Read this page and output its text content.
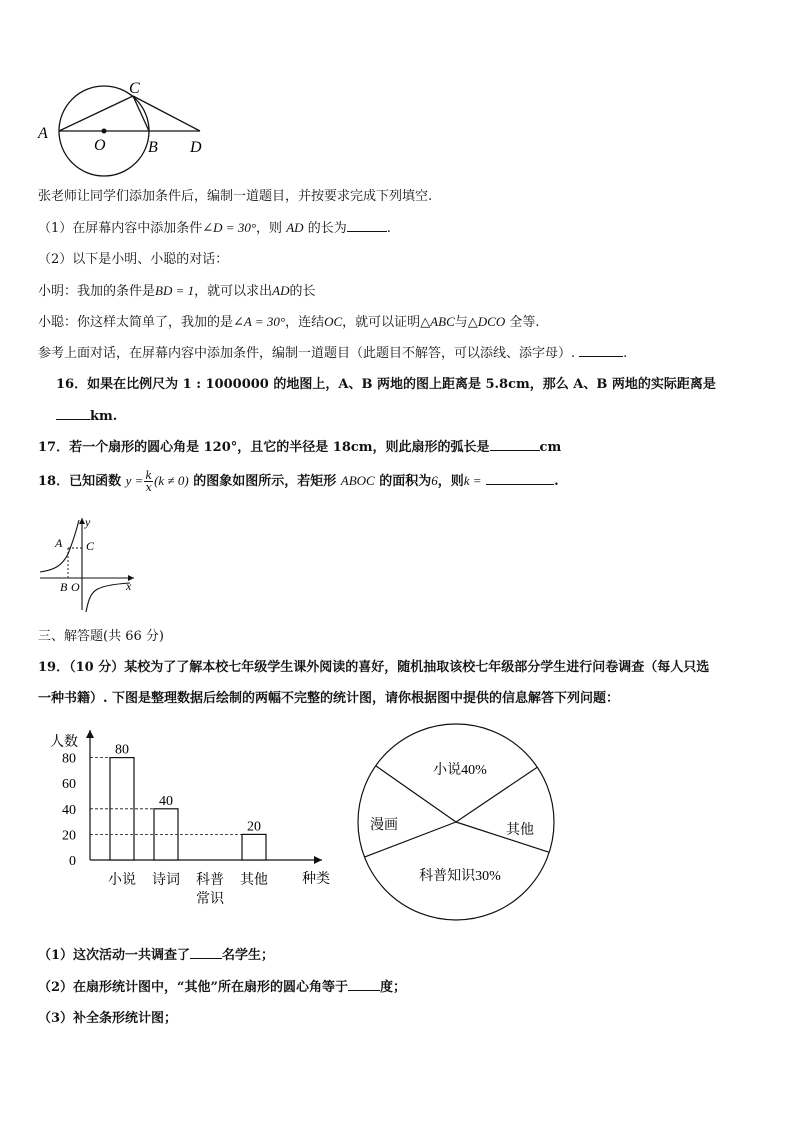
C
A
O	B D
张老师让同学们添加条件后，编制一道题目，并按要求完成下列填空.
（1）在屏幕内容中添加条件∠D = 30°，则 AD 的长为	.
（2）以下是小明、小聪的对话：
小明：我加的条件是BD = 1，就可以求出AD的长
小聪：你这样太简单了，我加的是∠A = 30°，连结OC，就可以证明△ABC与△DCO 全等.
参考上面对话，在屏幕内容中添加条件，编制一道题目（此题目不解答，可以添线、添字母）.	.
16．如果在比例尺为 1 : 1000000 的地图上，A、B 两地的图上距离是 5.8cm，那么 A、B 两地的实际距离是
km.
17．若一个扇形的圆心角是 120°，且它的半径是 18cm，则此扇形的弧长是	cm
18．已知函数 $y = \frac{k}{x} (k \ne 0)$ 的图象如图所示，若矩形 ABOC 的面积为6，则k =	.
y
x
A C
B O
三、解答题(共 66 分)
19．（10 分）某校为了了解本校七年级学生课外阅读的喜好，随机抽取该校七年级部分学生进行问卷调查（每人只选
一种书籍）. 下图是整理数据后绘制的两幅不完整的统计图，请你根据图中提供的信息解答下列问题：
人数
种类
0
20
40
60
80
小说
80
诗词
40
科普
常识
其他
20
小说40%
其他
科普知识30%
漫画
（1）这次活动一共调查了 名学生；
（2）在扇形统计图中，“其他”所在扇形的圆心角等于 度；
（3）补全条形统计图；
